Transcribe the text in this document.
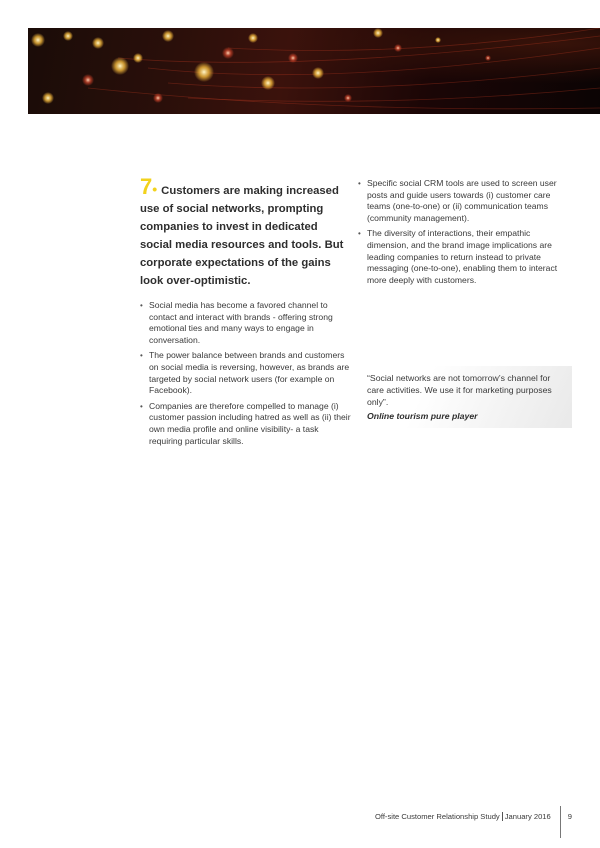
7• Customers are making increased use of social networks, prompting companies to invest in dedicated social media resources and tools. But corporate expectations of the gains look over-optimistic.

• Social media has become a favored channel to contact and interact with brands - offering strong emotional ties and many ways to engage in conversation.
• The power balance between brands and customers on social media is reversing, however, as brands are targeted by social network users (for example on Facebook).
• Companies are therefore compelled to manage (i) customer passion including hatred as well as (ii) their own media profile and online visibility- a task requiring particular skills.
• Specific social CRM tools are used to screen user posts and guide users towards (i) customer care teams (one-to-one) or (ii) communication teams (community management).
• The diversity of interactions, their empathic dimension, and the brand image implications are leading companies to return instead to private messaging (one-to-one), enabling them to interact more deeply with customers.

“Social networks are not tomorrow’s channel for care activities. We use it for marketing purposes only”.

Online tourism pure player
Off-site Customer Relationship Study January 2016 9
